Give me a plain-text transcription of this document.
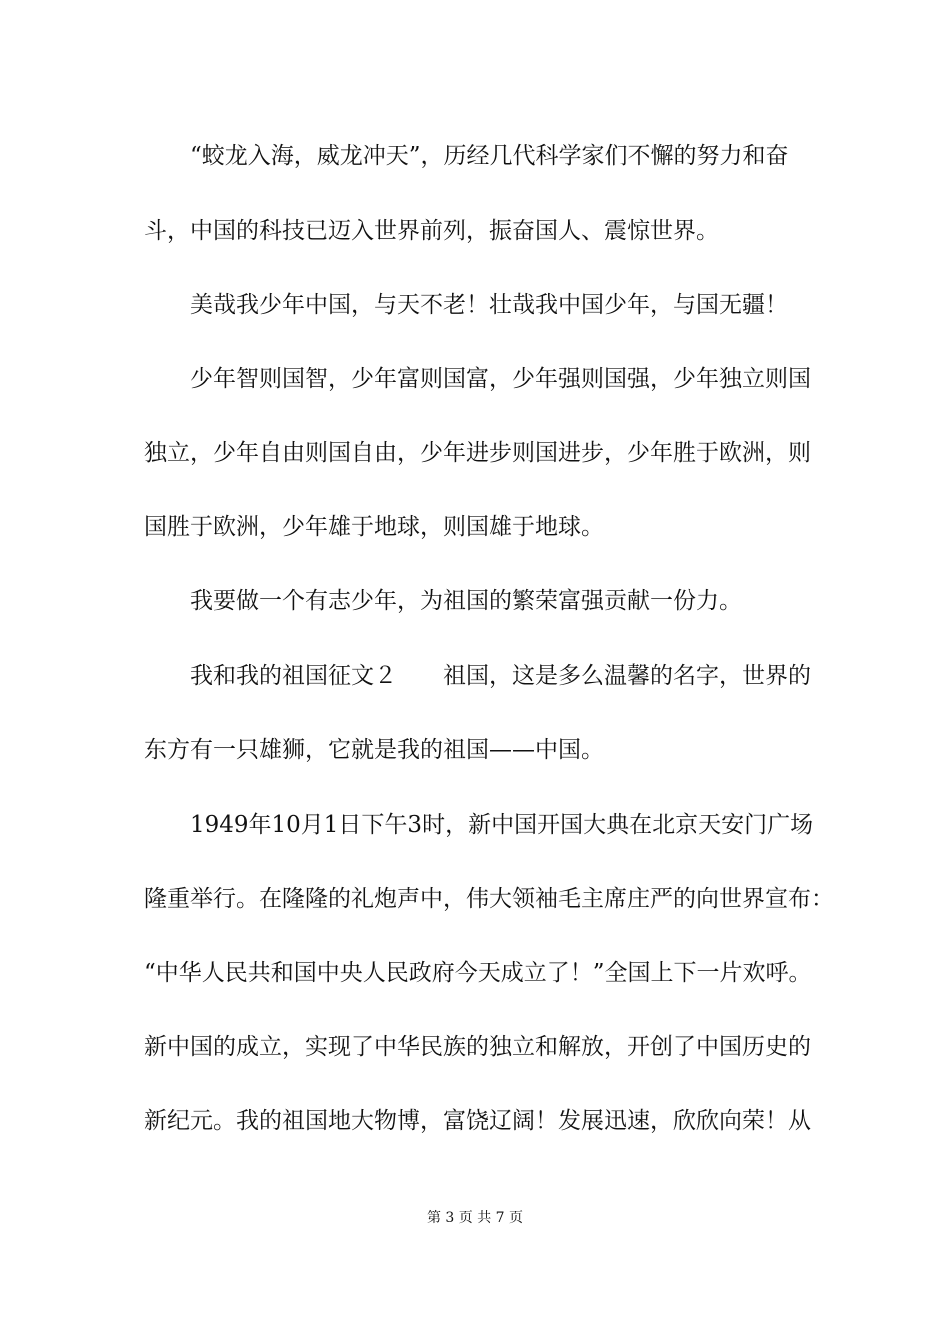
“蛟龙入海，威龙冲天”，历经几代科学家们不懈的努力和奋
斗，中国的科技已迈入世界前列，振奋国人、震惊世界。
美哉我少年中国，与天不老！壮哉我中国少年，与国无疆！
少年智则国智，少年富则国富，少年强则国强，少年独立则国
独立，少年自由则国自由，少年进步则国进步，少年胜于欧洲，则
国胜于欧洲，少年雄于地球，则国雄于地球。
我要做一个有志少年，为祖国的繁荣富强贡献一份力。
我和我的祖国征文２　　祖国，这是多么温馨的名字，世界的
东方有一只雄狮，它就是我的祖国——中国。
1949年10月1日下午3时，新中国开国大典在北京天安门广场
隆重举行。在隆隆的礼炮声中，伟大领袖毛主席庄严的向世界宣布：
“中华人民共和国中央人民政府今天成立了！”全国上下一片欢呼。
新中国的成立，实现了中华民族的独立和解放，开创了中国历史的
新纪元。我的祖国地大物博，富饶辽阔！发展迅速，欣欣向荣！从
第 3 页 共 7 页
